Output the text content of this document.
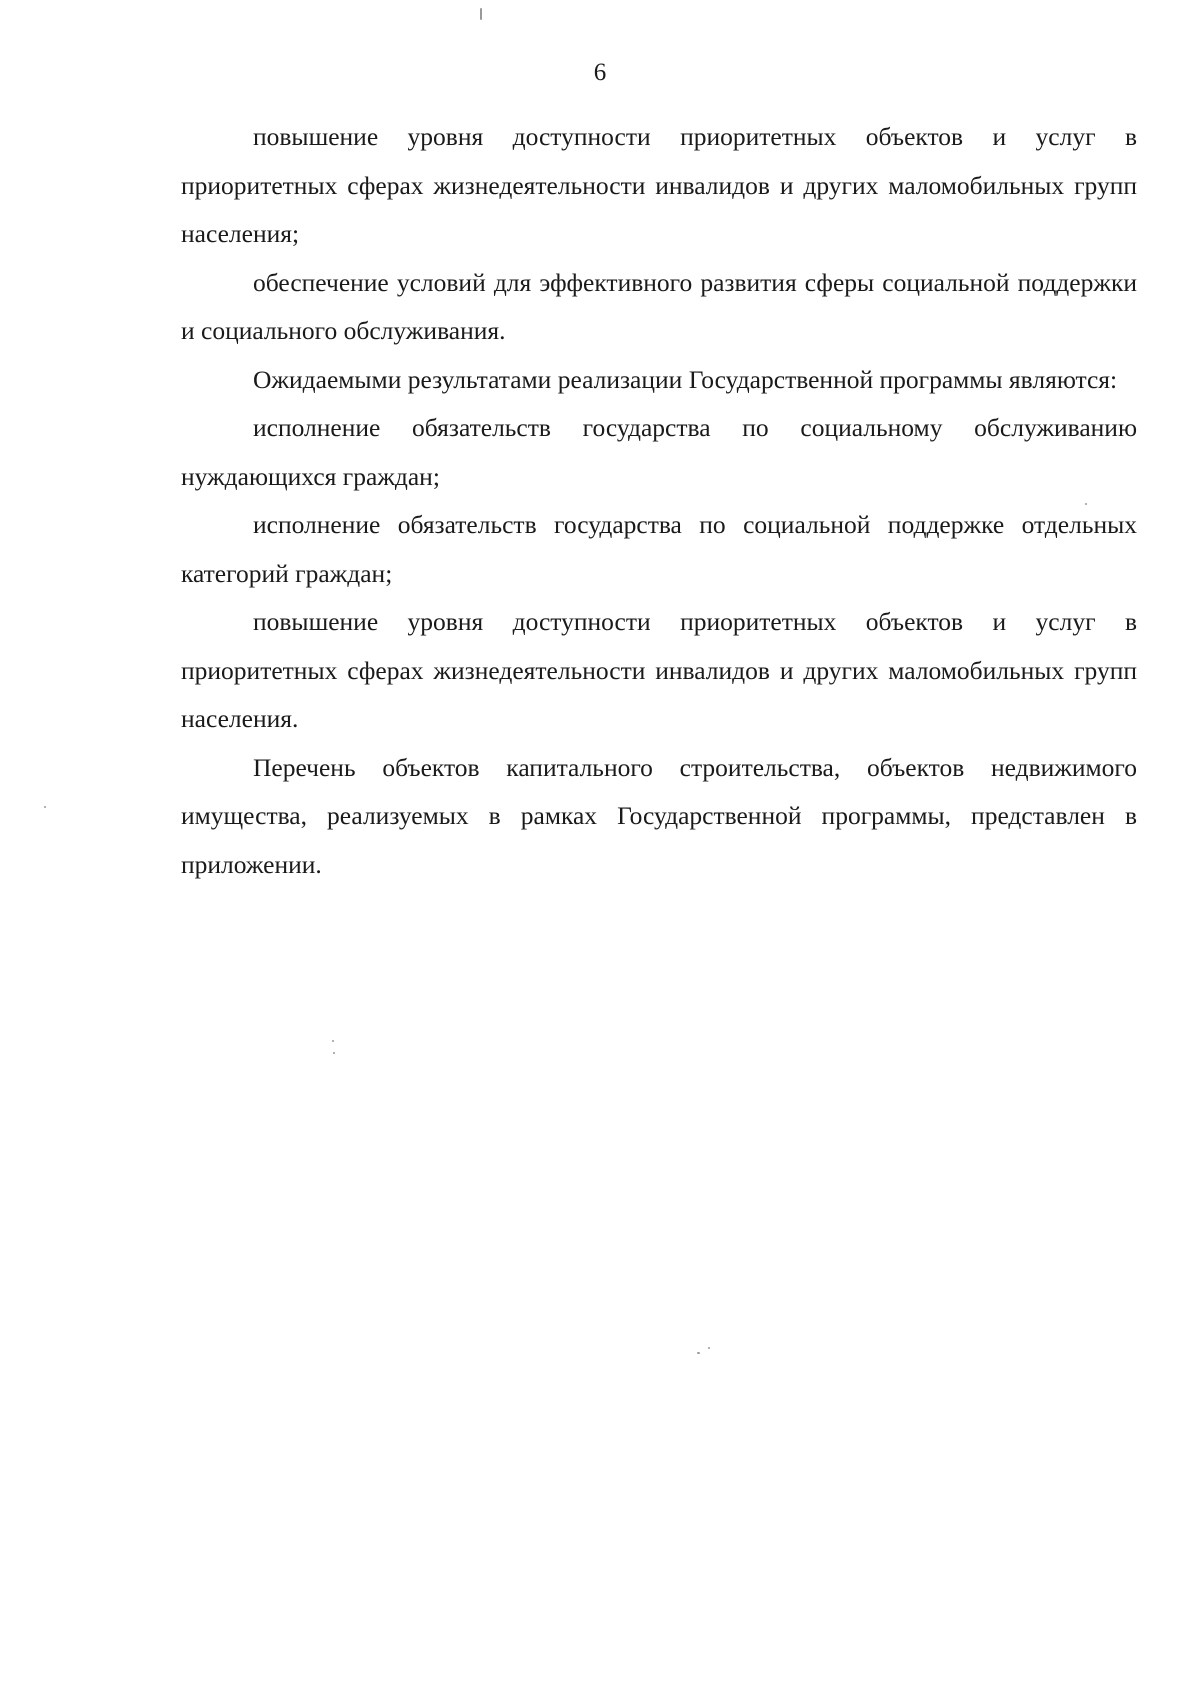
6

повышение уровня доступности приоритетных объектов и услуг в приоритетных сферах жизнедеятельности инвалидов и других маломобильных групп населения;

обеспечение условий для эффективного развития сферы социальной поддержки и социального обслуживания.

Ожидаемыми результатами реализации Государственной программы являются:

исполнение обязательств государства по социальному обслуживанию нуждающихся граждан;

исполнение обязательств государства по социальной поддержке отдельных категорий граждан;

повышение уровня доступности приоритетных объектов и услуг в приоритетных сферах жизнедеятельности инвалидов и других маломобильных групп населения.

Перечень объектов капитального строительства, объектов недвижимого имущества, реализуемых в рамках Государственной программы, представлен в приложении.
